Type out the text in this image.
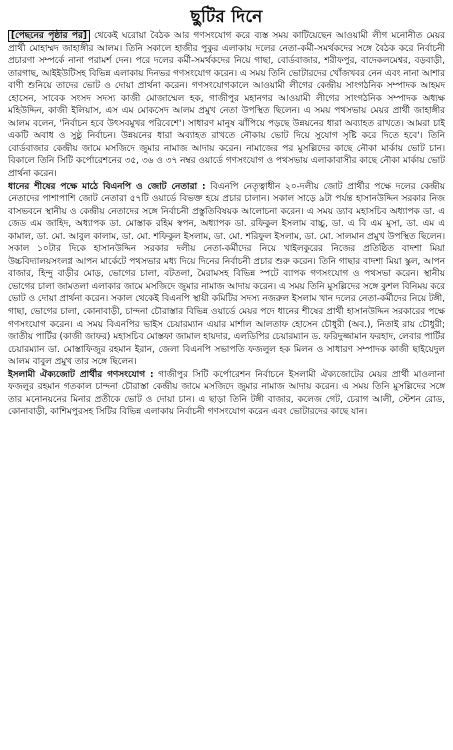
ছুটির দিনে

[পেছনের পৃষ্ঠার পর] থেকেই ঘরোয়া বৈঠক আর গণসংযোগ করে ব্যস্ত সময় কাটিয়েছেন আওয়ামী লীগ মনোনীত মেয়র প্রার্থী মোহাম্মদ জাহাঙ্গীর আলম। তিনি সকালে হাজীর পুকুর এলাকায় দলের নেতা-কর্মী-সমর্থকদের সঙ্গে বৈঠক করে নির্বাচনী প্রচারণা সম্পর্কে নানা পরামর্শ দেন। পরে দলের কর্মী-সমর্থকদের নিয়ে গাছা, বোর্ডবাজার, শরীফপুর, বাদেকলমেশ্বর, বড়বাড়ী, তারগাছ, আইইউটিসহ বিভিন্ন এলাকায় দিনভর গণসংযোগ করেন। এ সময় তিনি ভোটারদের খোঁজখবর নেন এবং নানা আশার বাণী শুনিয়ে তাদের ভোট ও দোয়া প্রার্থনা করেন। গণসংযোগকালে আওয়ামী লীগের কেন্দ্রীয় সাংগঠনিক সম্পাদক আহমদ হোসেন, সাবেক সংসদ সদস্য কাজী মোজাম্মেল হক, গাজীপুর মহানগর আওয়ামী লীগের সাংগঠনিক সম্পাদক অধ্যক্ষ মহিউদ্দিন, কাজী ইলিয়াস, এস এম মোকসেদ আলম প্রমুখ নেতা উপস্থিত ছিলেন। এ সময় পথসভায় মেয়র প্রার্থী জাহাঙ্গীর আলম বলেন, 'নির্বাচন হবে উৎসবমুখর পরিবেশে'। সাধারণ মানুষ ঝাঁপিয়ে পড়ছে উন্নয়নের ধারা অব্যাহত রাখতে। আমরা চাই একটি অবাধ ও সুষ্ঠু নির্বাচন। উন্নয়নের ধারা অব্যাহত রাখতে নৌকায় ভোট দিয়ে সুযোগ সৃষ্টি করে দিতে হবে'। তিনি বোর্ডবাজার কেন্দ্রীয় জামে মসজিদে জুমার নামাজ আদায় করেন। নামাজের পর মুসল্লিদের কাছে নৌকা মার্কায় ভোট চান। বিকালে তিনি সিটি কর্পোরেশনের ৩৫, ৩৬ ও ৩৭ নম্বর ওয়ার্ডে গণসংযোগ ও পথসভায় এলাকাবাসীর কাছে নৌকা মার্কায় ভোট প্রার্থনা করেন।

ধানের শীষের পক্ষে মাঠে বিএনপি ও জোট নেতারা : বিএনপি নেতৃত্বাধীন ২০-দলীয় জোট প্রার্থীর পক্ষে দলের কেন্দ্রীয় নেতাদের পাশাপাশি জোট নেতারা ৫৭টি ওয়ার্ডে বিভক্ত হয়ে প্রচার চালান। সকাল সাড়ে ৯টা পর্যন্ত হাসানউদ্দিন সরকার নিজ বাসভবনে স্থানীয় ও কেন্দ্রীয় নেতাদের সঙ্গে নির্বাচনী প্রস্তুতিবিষয়ক আলোচনা করেন। এ সময় ড্যাব মহাসচিব অধ্যাপক ডা. এ জেড এম জাহিদ, অধ্যাপক ডা. মোস্তাক রহিম স্বপন, অধ্যাপক ডা. রফিকুল ইসলাম বাচ্চু, ডা. এ বি এম মুসা, ডা. এম এ কামাল, ডা. মো. আবুল কালাম, ডা. মো. শফিকুল ইসলাম, ডা. মো. শরিফুল ইসলাম, ডা. মো. সালমান প্রমুখ উপস্থিত ছিলেন। সকাল ১০টার দিকে হাসানউদ্দিন সরকার দলীয় নেতা-কর্মীদের নিয়ে খাইলকুরের নিজের প্রতিষ্ঠিত বাদশা মিয়া উচ্চবিদ্যালয়সংলগ্ন আপন মার্কেটে পথসভার মধ্য দিয়ে দিনের নির্বাচনী প্রচার শুরু করেন। তিনি গাছার বাদশা মিয়া স্কুল, আপন বাজার, হিন্দু বাড়ীর মোড়, ভোগের চালা, বটতলা, মৈরামসহ বিভিন্ন স্পটে ব্যাপক গণসংযোগ ও পথসভা করেন। স্থানীয় ভোগের চালা জামতলা এলাকার জামে মসজিদে জুমার নামাজ আদায় করেন। এ সময় তিনি মুসল্লিদের সঙ্গে কুশল বিনিময় করে ভোট ও দোয়া প্রার্থনা করেন। সকাল থেকেই বিএনপি স্থায়ী কমিটির সদস্য নজরুল ইসলাম খান দলের নেতা-কর্মীদের নিয়ে টঙ্গী, গাছা, ভোগের চালা, কোনাবাড়ী, চান্দনা চৌরাস্তার বিভিন্ন ওয়ার্ডে মেয়র পদে ধানের শীষের প্রার্থী হাসানউদ্দিন সরকারের পক্ষে গণসংযোগ করেন। এ সময় বিএনপির ভাইস চেয়ারম্যান এয়ার মার্শাল আলতাফ হোসেন চৌধুরী (অব.), নিতাই রায় চৌধুরী; জাতীয় পার্টির (কাজী জাফর) মহাসচিব মোস্তফা জামাল হায়দার, এলডিপির চেয়ারম্যান ড. ফরিদুজ্জামান ফরহাদ, লেবার পার্টির চেয়ারম্যান ডা. মোস্তাফিজুর রহমান ইরান, জেলা বিএনপি সভাপতি ফজলুল হক মিলন ও সাধারণ সম্পাদক কাজী ছাইয়েদুল আলম বাবুল প্রমুখ তার সঙ্গে ছিলেন।

ইসলামী ঐক্যজোট প্রার্থীর গণসংযোগ : গাজীপুর সিটি কর্পোরেশন নির্বাচনে ইসলামী ঐক্যজোটের মেয়র প্রার্থী মাওলানা ফজলুর রহমান গতকাল চান্দনা চৌরাস্তা কেন্দ্রীয় জামে মসজিদে জুমার নামাজ আদায় করেন। এ সময় তিনি মুসল্লিদের সঙ্গে তার মনোনয়নের মিনার প্রতীকে ভোট ও দোয়া চান। এ ছাড়া তিনি টঙ্গী বাজার, কলেজ গেট, চেরাগ আলী, স্টেশন রোড, কোনাবাড়ী, কাশিমপুরসহ সিটির বিভিন্ন এলাকায় নির্বাচনী গণসংযোগ করেন এবং ভোটারদের কাছে যান।
